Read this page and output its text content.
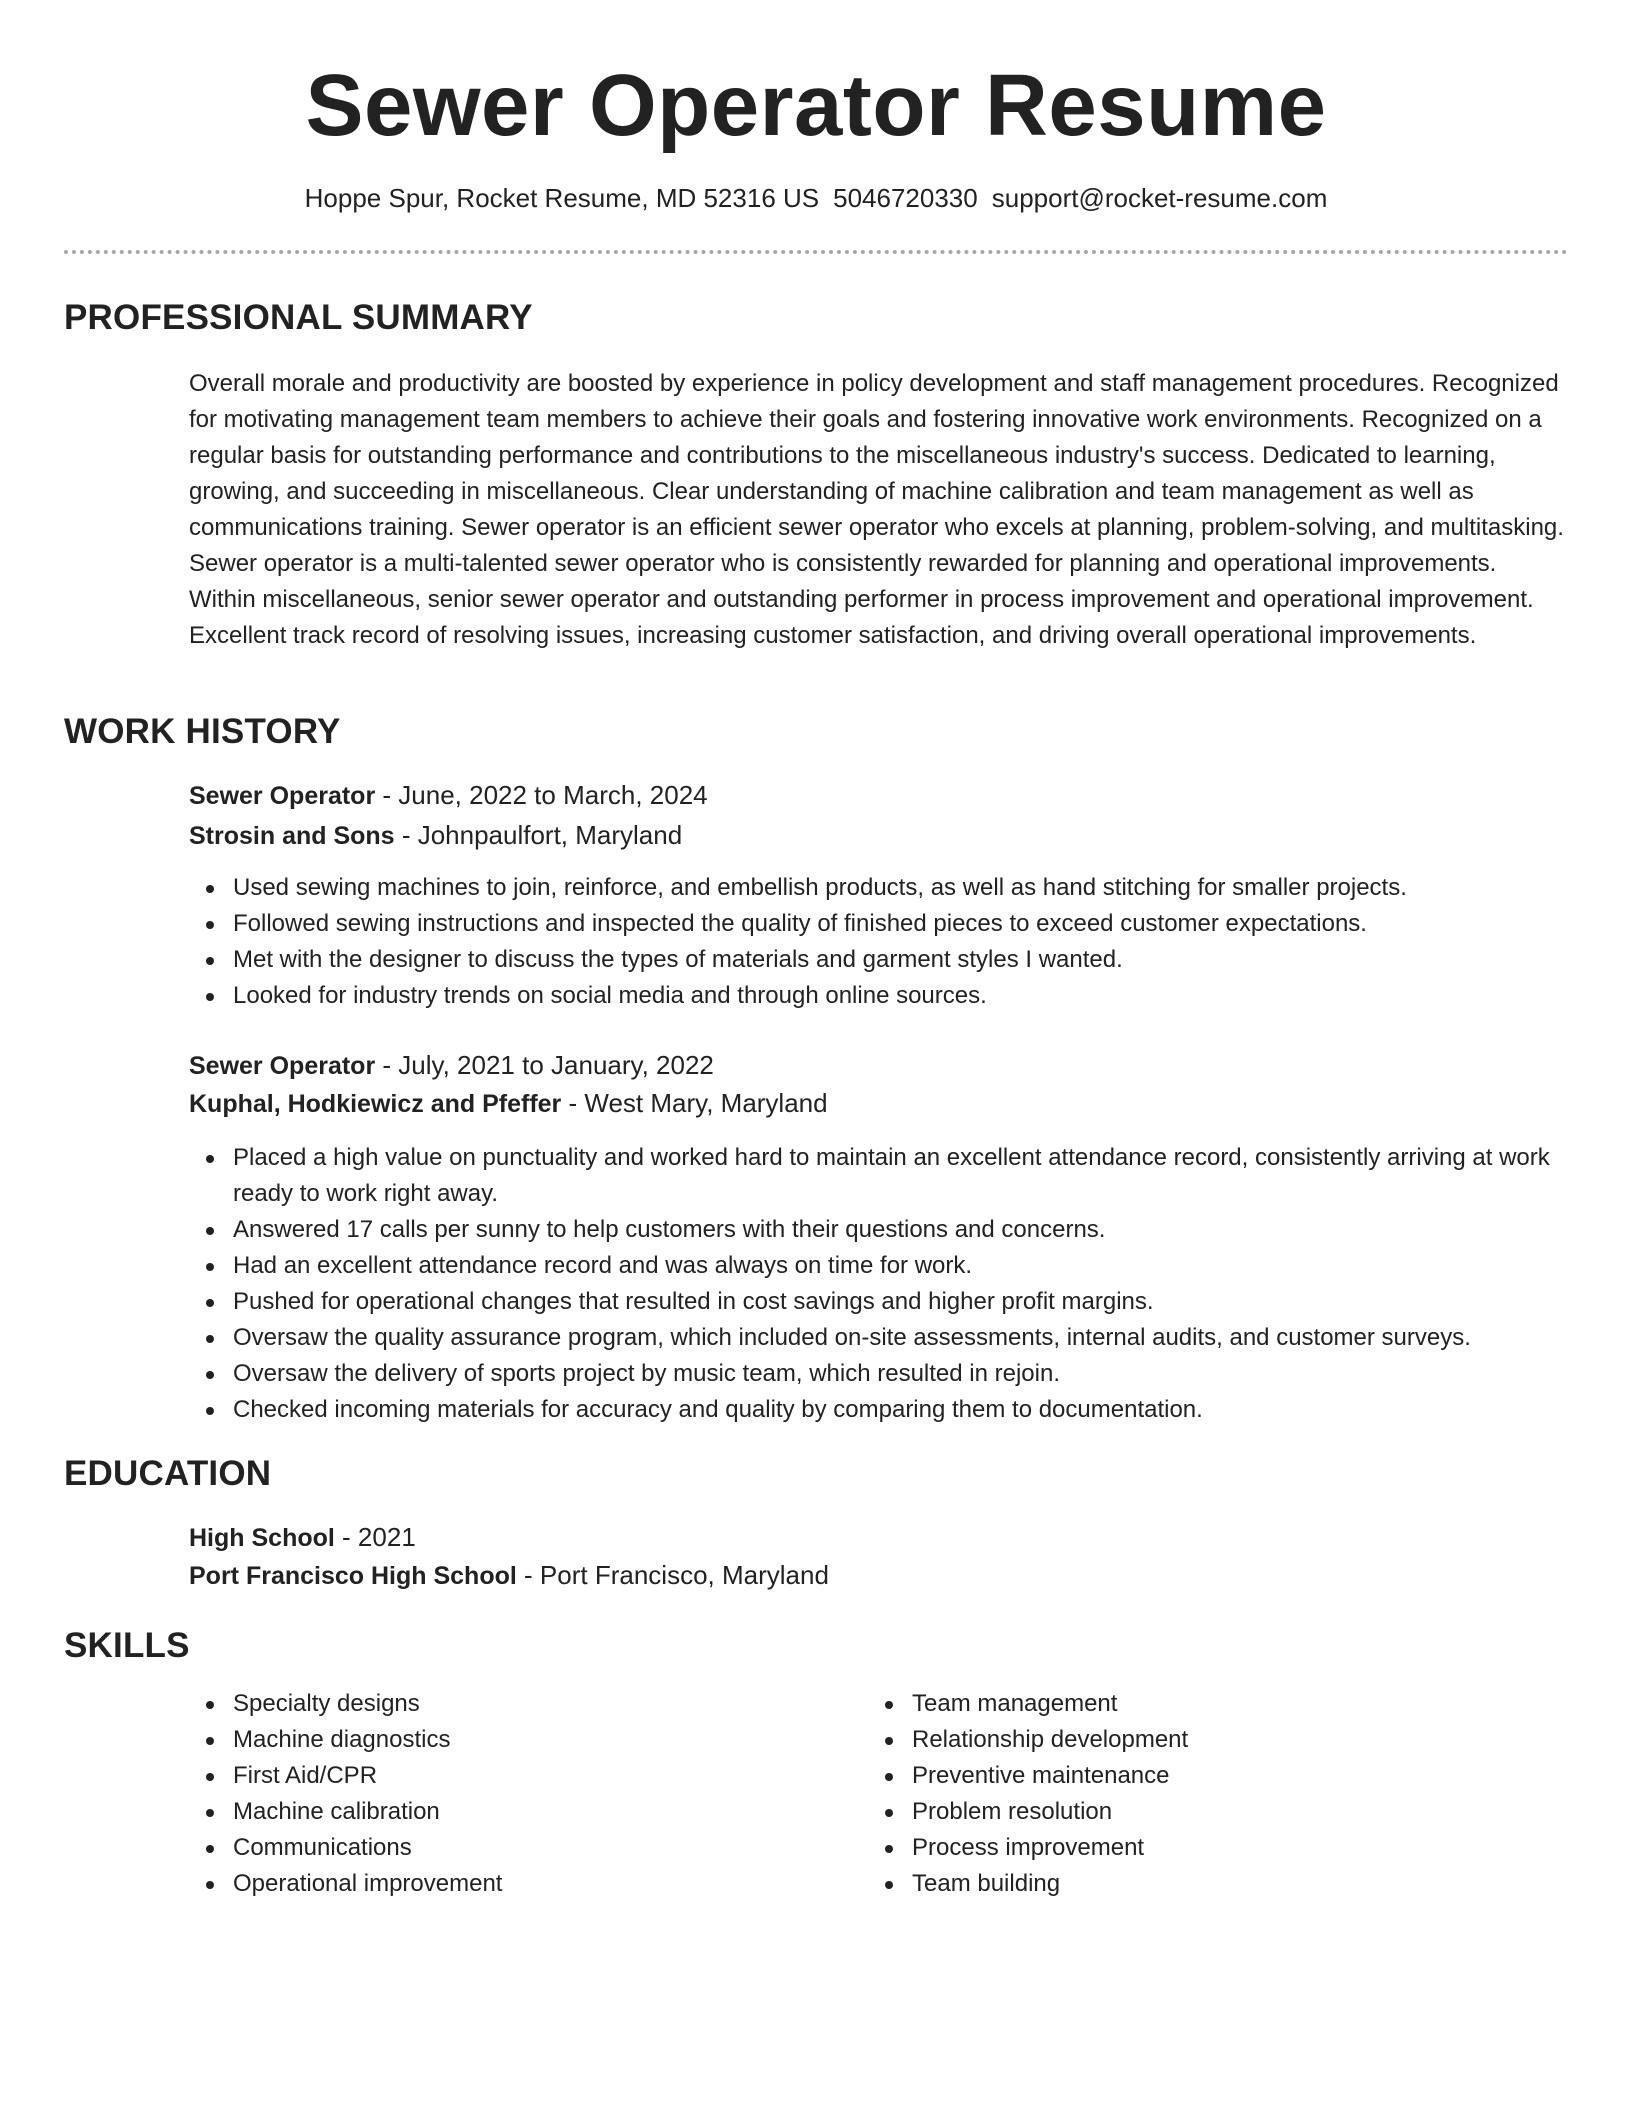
Sewer Operator Resume
Hoppe Spur, Rocket Resume, MD 52316 US 5046720330 support@rocket-resume.com
PROFESSIONAL SUMMARY

Overall morale and productivity are boosted by experience in policy development and staff management procedures. Recognized for motivating management team members to achieve their goals and fostering innovative work environments. Recognized on a regular basis for outstanding performance and contributions to the miscellaneous industry's success. Dedicated to learning, growing, and succeeding in miscellaneous. Clear understanding of machine calibration and team management as well as communications training. Sewer operator is an efficient sewer operator who excels at planning, problem-solving, and multitasking. Sewer operator is a multi-talented sewer operator who is consistently rewarded for planning and operational improvements. Within miscellaneous, senior sewer operator and outstanding performer in process improvement and operational improvement. Excellent track record of resolving issues, increasing customer satisfaction, and driving overall operational improvements.

WORK HISTORY
Sewer Operator - June, 2022 to March, 2024
Strosin and Sons - Johnpaulfort, Maryland
Used sewing machines to join, reinforce, and embellish products, as well as hand stitching for smaller projects.
Followed sewing instructions and inspected the quality of finished pieces to exceed customer expectations.
Met with the designer to discuss the types of materials and garment styles I wanted.
Looked for industry trends on social media and through online sources.
Sewer Operator - July, 2021 to January, 2022
Kuphal, Hodkiewicz and Pfeffer - West Mary, Maryland
Placed a high value on punctuality and worked hard to maintain an excellent attendance record, consistently arriving at work ready to work right away.
Answered 17 calls per sunny to help customers with their questions and concerns.
Had an excellent attendance record and was always on time for work.
Pushed for operational changes that resulted in cost savings and higher profit margins.
Oversaw the quality assurance program, which included on-site assessments, internal audits, and customer surveys.
Oversaw the delivery of sports project by music team, which resulted in rejoin.
Checked incoming materials for accuracy and quality by comparing them to documentation.
EDUCATION
High School - 2021
Port Francisco High School - Port Francisco, Maryland
SKILLS
Specialty designs
Machine diagnostics
First Aid/CPR
Machine calibration
Communications
Operational improvement
Team management
Relationship development
Preventive maintenance
Problem resolution
Process improvement
Team building
